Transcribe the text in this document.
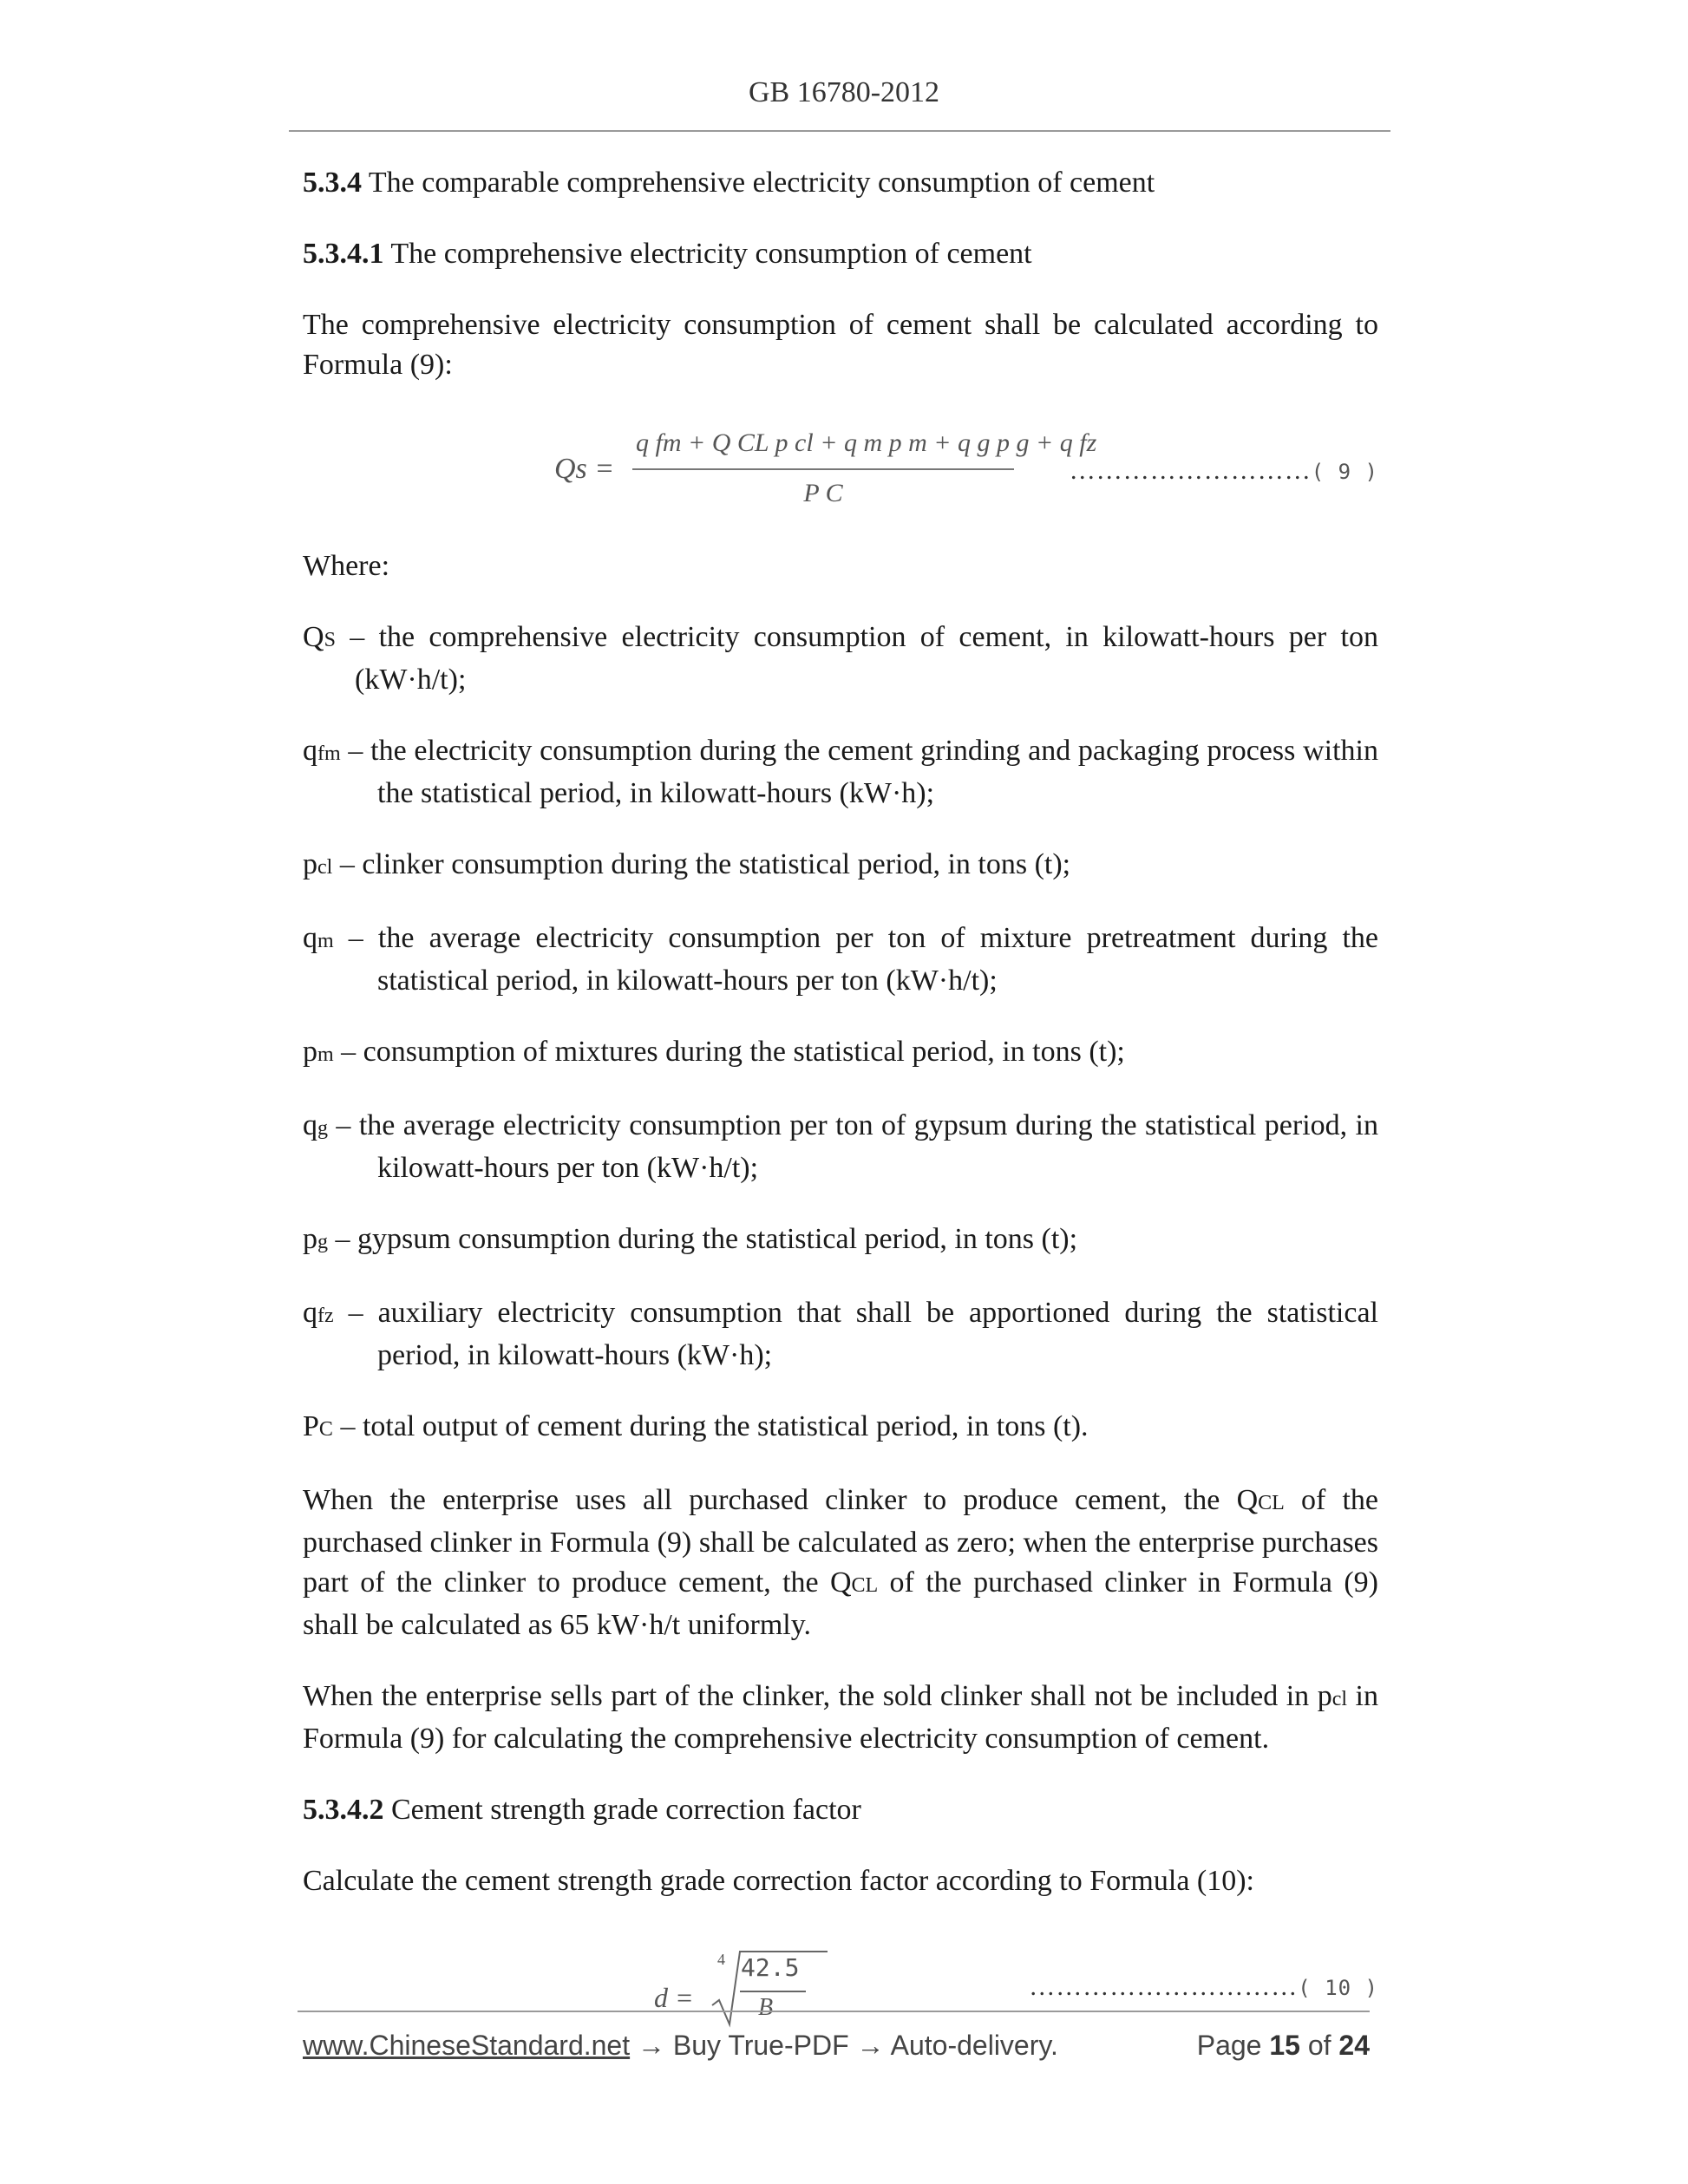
GB 16780-2012

5.3.4 The comparable comprehensive electricity consumption of cement

5.3.4.1 The comprehensive electricity consumption of cement

The comprehensive electricity consumption of cement shall be calculated according to Formula (9):

$Qs = \frac{\text{q fm + Q CL p cl + q m p m + q g p g + q fz}}{\text{P C}}$ ………………………( 9 )

Where:

QS – the comprehensive electricity consumption of cement, in kilowatt-hours per ton (kW·h/t);

qfm – the electricity consumption during the cement grinding and packaging process within the statistical period, in kilowatt-hours (kW·h);

pcl – clinker consumption during the statistical period, in tons (t);

qm – the average electricity consumption per ton of mixture pretreatment during the statistical period, in kilowatt-hours per ton (kW·h/t);

pm – consumption of mixtures during the statistical period, in tons (t);

qg – the average electricity consumption per ton of gypsum during the statistical period, in kilowatt-hours per ton (kW·h/t);

pg – gypsum consumption during the statistical period, in tons (t);

qfz – auxiliary electricity consumption that shall be apportioned during the statistical period, in kilowatt-hours (kW·h);

PC – total output of cement during the statistical period, in tons (t).

When the enterprise uses all purchased clinker to produce cement, the QCL of the purchased clinker in Formula (9) shall be calculated as zero; when the enterprise purchases part of the clinker to produce cement, the QCL of the purchased clinker in Formula (9) shall be calculated as 65 kW·h/t uniformly.

When the enterprise sells part of the clinker, the sold clinker shall not be included in pcl in Formula (9) for calculating the comprehensive electricity consumption of cement.

5.3.4.2 Cement strength grade correction factor

Calculate the cement strength grade correction factor according to Formula (10):

d =
4 42.5
B
…………………………( 10 )
www.ChineseStandard.net → Buy True-PDF → Auto-delivery.	Page 15 of 24
